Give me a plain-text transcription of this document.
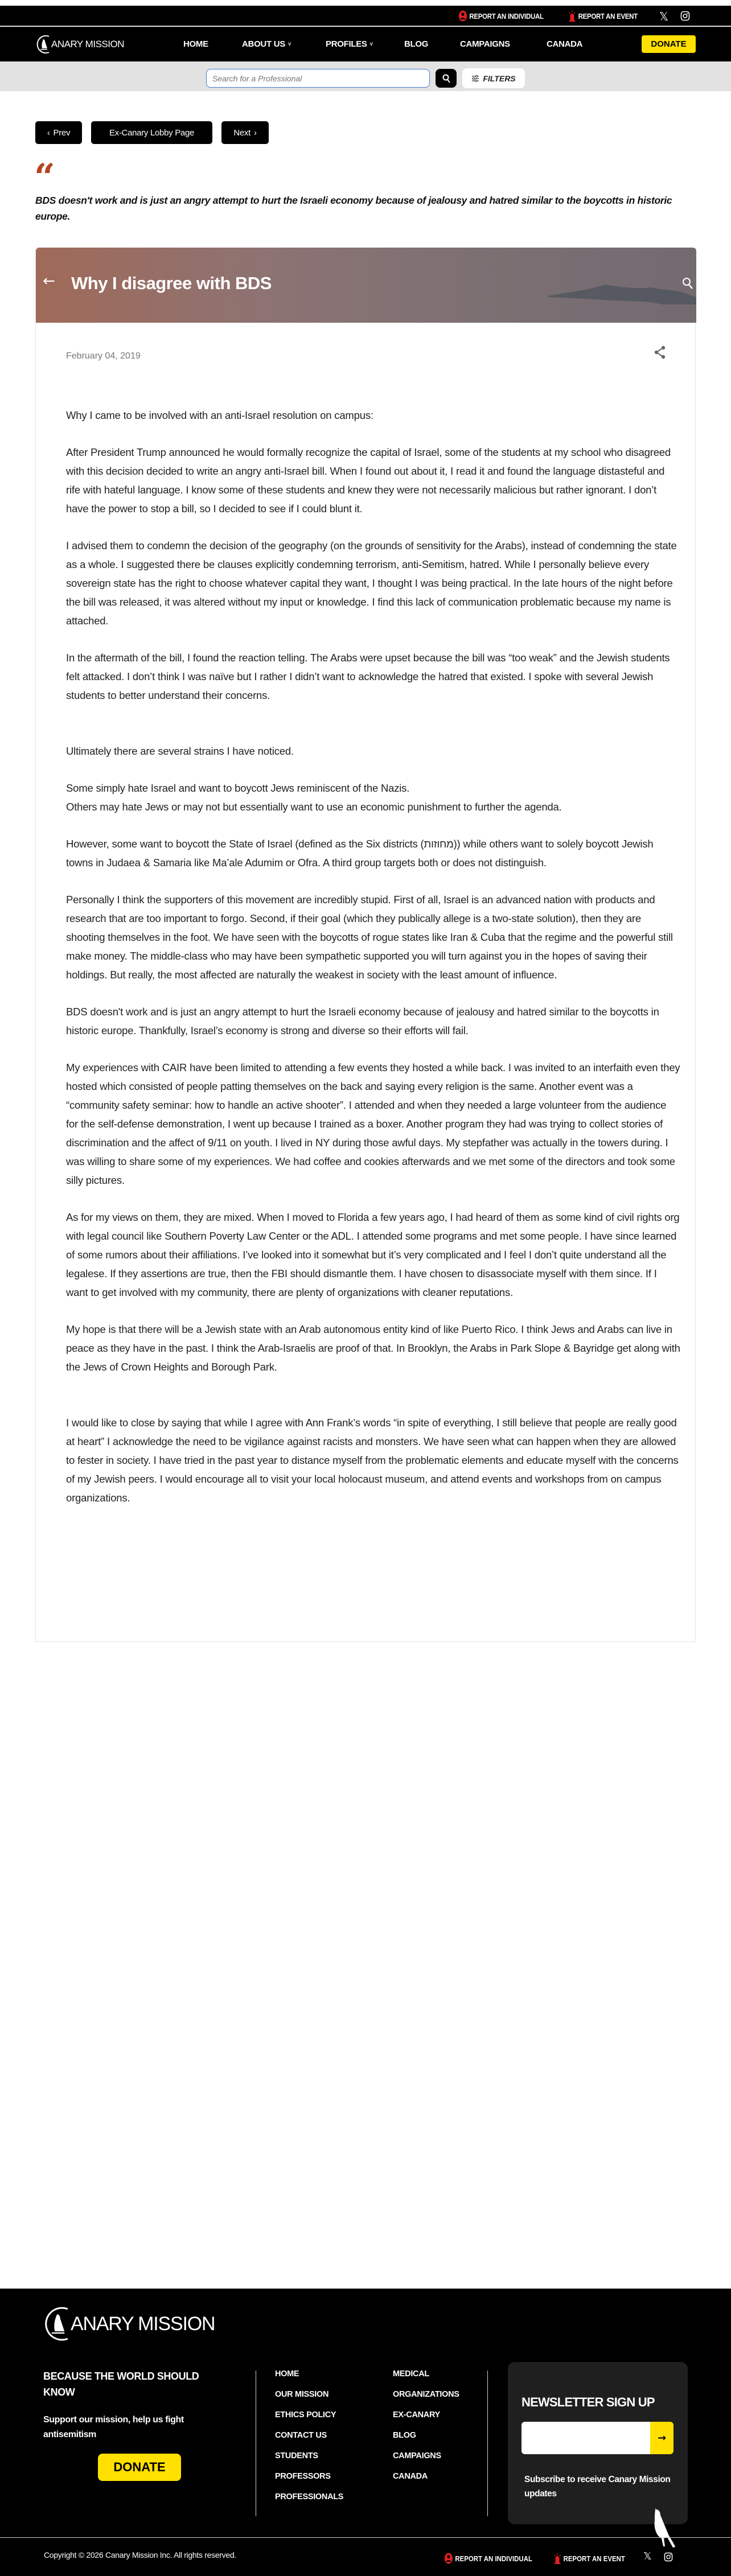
REPORT AN INDIVIDUAL	REPORT AN EVENT 𝕏
ANARY MISSION	HOME	ABOUT US ∨	PROFILES ∨	BLOG	CAMPAIGNS	CANADA	DONATE
Search for a Professional
FILTERS
‹ Prev	Ex-Canary Lobby Page	Next ›
“
BDS doesn't work and is just an angry attempt to hurt the Israeli economy because of jealousy and hatred similar to the boycotts in historic europe.
← Why I disagree with BDS
February 04, 2019

Why I came to be involved with an anti-Israel resolution on campus:

After President Trump announced he would formally recognize the capital of Israel, some of the students at my school who disagreed with this decision decided to write an angry anti-Israel bill. When I found out about it, I read it and found the language distasteful and rife with hateful language. I know some of these students and knew they were not necessarily malicious but rather ignorant. I don’t have the power to stop a bill, so I decided to see if I could blunt it.

I advised them to condemn the decision of the geography (on the grounds of sensitivity for the Arabs), instead of condemning the state as a whole. I suggested there be clauses explicitly condemning terrorism, anti-Semitism, hatred. While I personally believe every sovereign state has the right to choose whatever capital they want, I thought I was being practical. In the late hours of the night before the bill was released, it was altered without my input or knowledge. I find this lack of communication problematic because my name is attached.

In the aftermath of the bill, I found the reaction telling. The Arabs were upset because the bill was “too weak” and the Jewish students felt attacked. I don’t think I was naïve but I rather I didn’t want to acknowledge the hatred that existed. I spoke with several Jewish students to better understand their concerns.

Ultimately there are several strains I have noticed.

Some simply hate Israel and want to boycott Jews reminiscent of the Nazis.

Others may hate Jews or may not but essentially want to use an economic punishment to further the agenda.

However, some want to boycott the State of Israel (defined as the Six districts (מחוזות)) while others want to solely boycott Jewish towns in Judaea & Samaria like Ma’ale Adumim or Ofra. A third group targets both or does not distinguish.

Personally I think the supporters of this movement are incredibly stupid. First of all, Israel is an advanced nation with products and research that are too important to forgo. Second, if their goal (which they publically allege is a two-state solution), then they are shooting themselves in the foot. We have seen with the boycotts of rogue states like Iran & Cuba that the regime and the powerful still make money. The middle-class who may have been sympathetic supported you will turn against you in the hopes of saving their holdings. But really, the most affected are naturally the weakest in society with the least amount of influence.

BDS doesn't work and is just an angry attempt to hurt the Israeli economy because of jealousy and hatred similar to the boycotts in historic europe. Thankfully, Israel’s economy is strong and diverse so their efforts will fail.

My experiences with CAIR have been limited to attending a few events they hosted a while back. I was invited to an interfaith even they hosted which consisted of people patting themselves on the back and saying every religion is the same. Another event was a “community safety seminar: how to handle an active shooter”. I attended and when they needed a large volunteer from the audience for the self-defense demonstration, I went up because I trained as a boxer. Another program they had was trying to collect stories of discrimination and the affect of 9/11 on youth. I lived in NY during those awful days. My stepfather was actually in the towers during. I was willing to share some of my experiences. We had coffee and cookies afterwards and we met some of the directors and took some silly pictures.

As for my views on them, they are mixed. When I moved to Florida a few years ago, I had heard of them as some kind of civil rights org with legal council like Southern Poverty Law Center or the ADL. I attended some programs and met some people. I have since learned of some rumors about their affiliations. I’ve looked into it somewhat but it’s very complicated and I feel I don’t quite understand all the legalese. If they assertions are true, then the FBI should dismantle them. I have chosen to disassociate myself with them since. If I want to get involved with my community, there are plenty of organizations with cleaner reputations.

My hope is that there will be a Jewish state with an Arab autonomous entity kind of like Puerto Rico. I think Jews and Arabs can live in peace as they have in the past. I think the Arab-Israelis are proof of that. In Brooklyn, the Arabs in Park Slope & Bayridge get along with the Jews of Crown Heights and Borough Park.

I would like to close by saying that while I agree with Ann Frank’s words “in spite of everything, I still believe that people are really good at heart” I acknowledge the need to be vigilance against racists and monsters. We have seen what can happen when they are allowed to fester in society. I have tried in the past year to distance myself from the problematic elements and educate myself with the concerns of my Jewish peers. I would encourage all to visit your local holocaust museum, and attend events and workshops from on campus organizations.

ANARY MISSION
BECAUSE THE WORLD SHOULD KNOW
Support our mission, help us fight antisemitism
DONATE
HOME
OUR MISSION
ETHICS POLICY
CONTACT US
STUDENTS
PROFESSORS
PROFESSIONALS
MEDICAL
ORGANIZATIONS
EX-CANARY
BLOG
CAMPAIGNS
CANADA
NEWSLETTER SIGN UP
→
Subscribe to receive Canary Mission updates
Copyright © 2026 Canary Mission Inc. All rights reserved.	REPORT AN INDIVIDUAL	REPORT AN EVENT 𝕏
